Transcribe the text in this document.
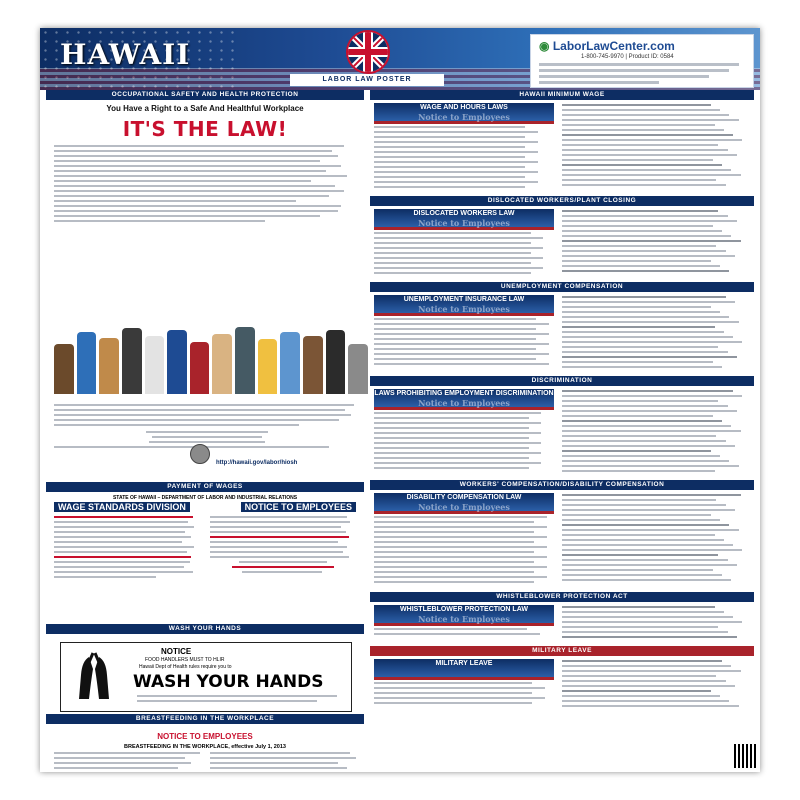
HAWAII
LABOR LAW POSTER
◉ LaborLawCenter.com
1-800-745-9970 | Product ID: 0584
OCCUPATIONAL SAFETY AND HEALTH PROTECTION
You Have a Right to a Safe And Healthful Workplace
IT'S THE LAW!
http://hawaii.gov/labor/hiosh
PAYMENT OF WAGES
STATE OF HAWAII – DEPARTMENT OF LABOR AND INDUSTRIAL RELATIONS
WAGE STANDARDS DIVISION	NOTICE TO EMPLOYEES
WASH YOUR HANDS
NOTICE
FOOD HANDLERS MUST TO HLIR
Hawaii Dept of Health rules require you to
WASH YOUR HANDS
BREASTFEEDING IN THE WORKPLACE
NOTICE TO EMPLOYEES
BREASTFEEDING IN THE WORKPLACE, effective July 1, 2013
HAWAII MINIMUM WAGE
WAGE AND HOURS LAWS
Notice to Employees
DISLOCATED WORKERS/PLANT CLOSING
DISLOCATED WORKERS LAW
Notice to Employees
UNEMPLOYMENT COMPENSATION
UNEMPLOYMENT INSURANCE LAW
Notice to Employees
DISCRIMINATION
LAWS PROHIBITING EMPLOYMENT DISCRIMINATION
Notice to Employees
WORKERS' COMPENSATION/DISABILITY COMPENSATION
DISABILITY COMPENSATION LAW
Notice to Employees
WHISTLEBLOWER PROTECTION ACT
WHISTLEBLOWER PROTECTION LAW
Notice to Employees
MILITARY LEAVE
MILITARY LEAVE
